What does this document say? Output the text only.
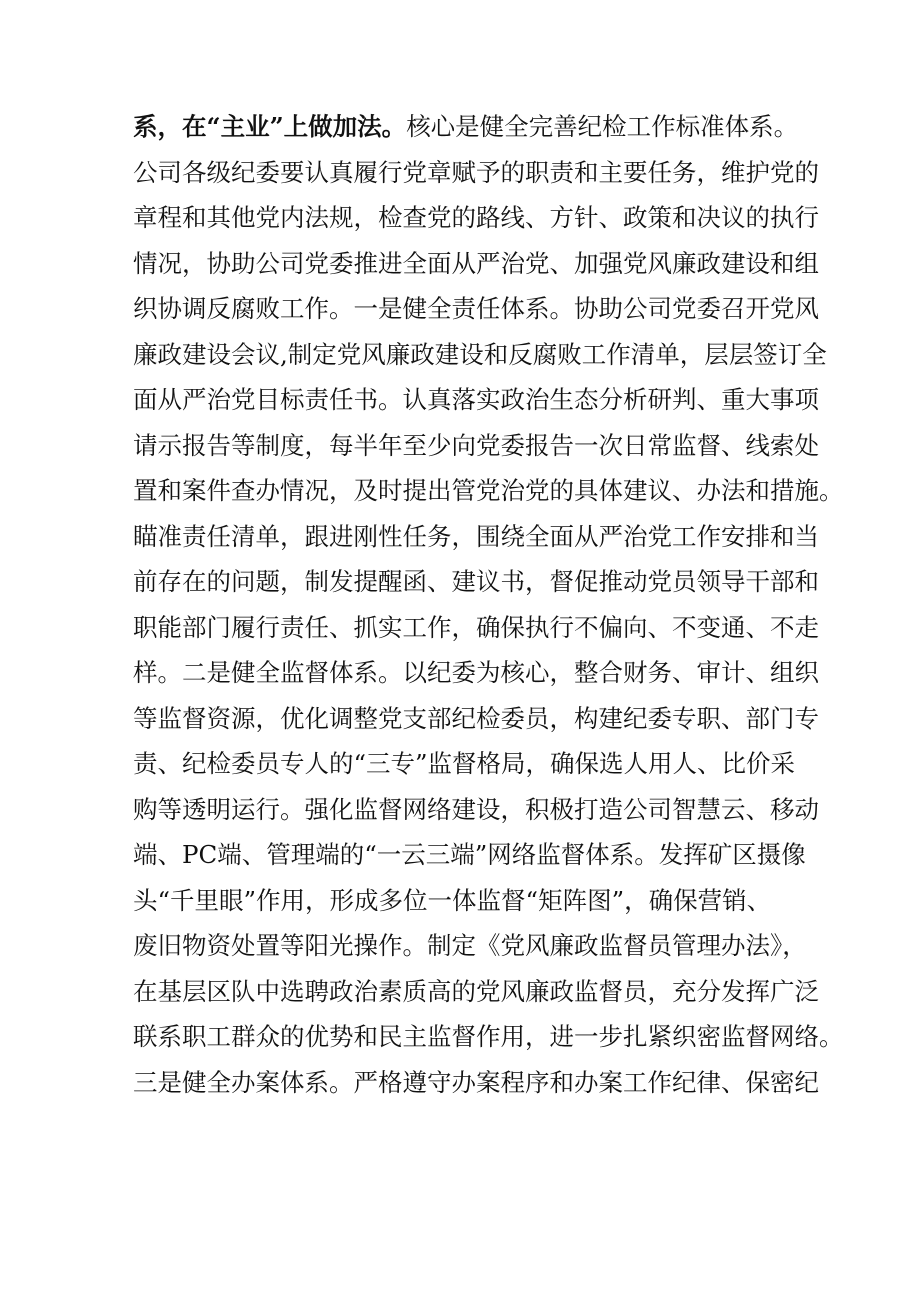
系，在“主业”上做加法。核心是健全完善纪检工作标准体系。
公司各级纪委要认真履行党章赋予的职责和主要任务，维护党的
章程和其他党内法规，检查党的路线、方针、政策和决议的执行
情况，协助公司党委推进全面从严治党、加强党风廉政建设和组
织协调反腐败工作。一是健全责任体系。协助公司党委召开党风
廉政建设会议,制定党风廉政建设和反腐败工作清单，层层签订全
面从严治党目标责任书。认真落实政治生态分析研判、重大事项
请示报告等制度，每半年至少向党委报告一次日常监督、线索处
置和案件查办情况，及时提出管党治党的具体建议、办法和措施。
瞄准责任清单，跟进刚性任务，围绕全面从严治党工作安排和当
前存在的问题，制发提醒函、建议书，督促推动党员领导干部和
职能部门履行责任、抓实工作，确保执行不偏向、不变通、不走
样。二是健全监督体系。以纪委为核心，整合财务、审计、组织
等监督资源，优化调整党支部纪检委员，构建纪委专职、部门专
责、纪检委员专人的“三专”监督格局，确保选人用人、比价采
购等透明运行。强化监督网络建设，积极打造公司智慧云、移动
端、PC端、管理端的“一云三端”网络监督体系。发挥矿区摄像
头“千里眼”作用，形成多位一体监督“矩阵图”，确保营销、
废旧物资处置等阳光操作。制定《党风廉政监督员管理办法》，
在基层区队中选聘政治素质高的党风廉政监督员，充分发挥广泛
联系职工群众的优势和民主监督作用，进一步扎紧织密监督网络。
三是健全办案体系。严格遵守办案程序和办案工作纪律、保密纪
